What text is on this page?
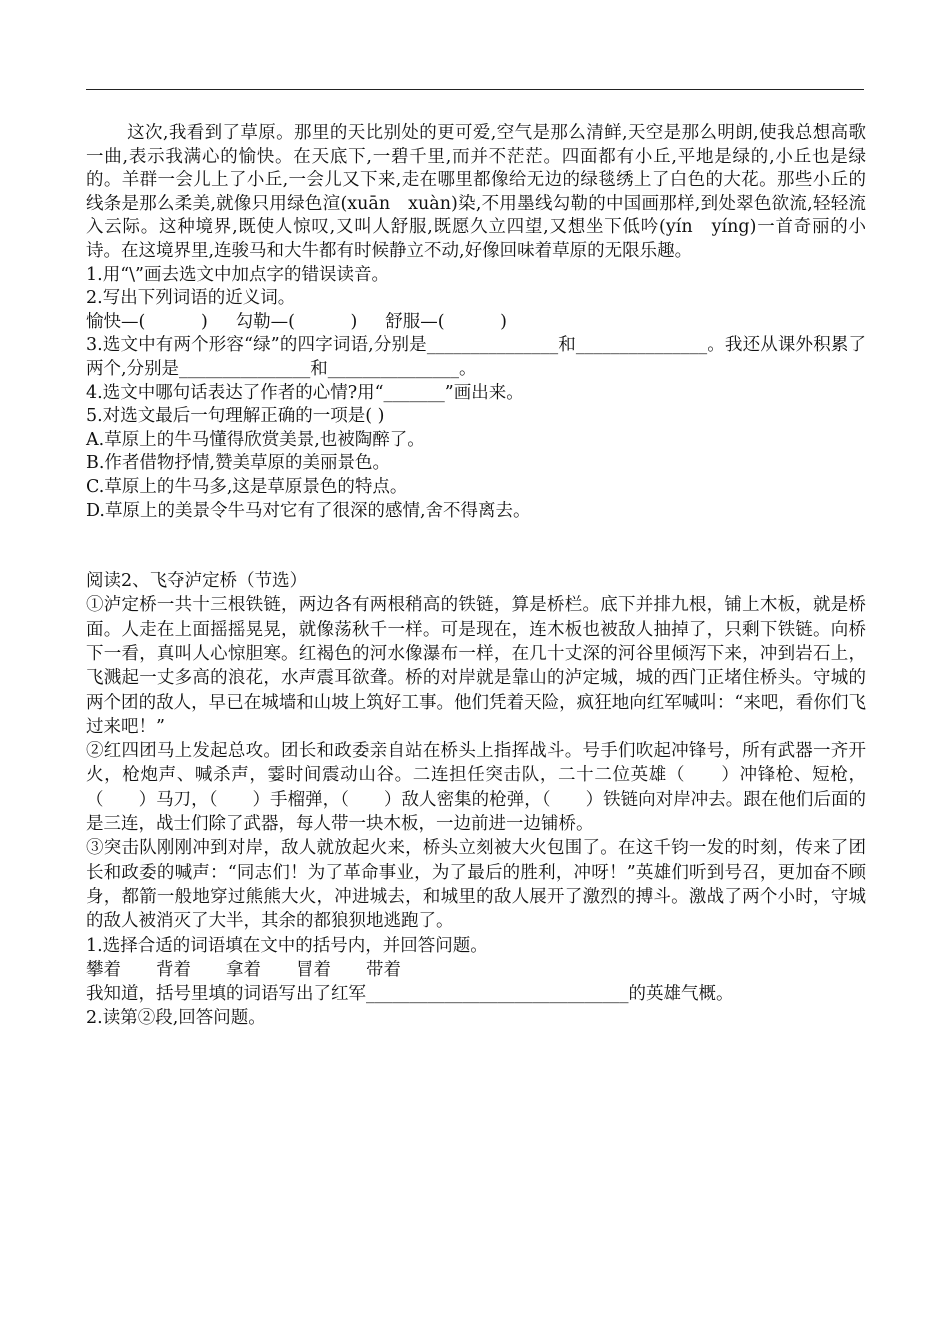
这次,我看到了草原。那里的天比别处的更可爱,空气是那么清鲜,天空是那么明朗,使我总想高歌一曲,表示我满心的愉快。在天底下,一碧千里,而并不茫茫。四面都有小丘,平地是绿的,小丘也是绿的。羊群一会儿上了小丘,一会儿又下来,走在哪里都像给无边的绿毯绣上了白色的大花。那些小丘的线条是那么柔美,就像只用绿色渲(xuān　xuàn)染,不用墨线勾勒的中国画那样,到处翠色欲流,轻轻流入云际。这种境界,既使人惊叹,又叫人舒服,既愿久立四望,又想坐下低吟(yín　yíng)一首奇丽的小诗。在这境界里,连骏马和大牛都有时候静立不动,好像回味着草原的无限乐趣。

1.用“\”画去选文中加点字的错误读音。

2.写出下列词语的近义词。

愉快—(          )     勾勒—(          )     舒服—(          )

3.选文中有两个形容“绿”的四字词语,分别是_______________和_______________。我还从课外积累了两个,分别是_______________和_______________。

4.选文中哪句话表达了作者的心情?用“_______”画出来。

5.对选文最后一句理解正确的一项是( )

A.草原上的牛马懂得欣赏美景,也被陶醉了。

B.作者借物抒情,赞美草原的美丽景色。

C.草原上的牛马多,这是草原景色的特点。

D.草原上的美景令牛马对它有了很深的感情,舍不得离去。

阅读2、飞夺泸定桥（节选）

①泸定桥一共十三根铁链，两边各有两根稍高的铁链，算是桥栏。底下并排九根，铺上木板，就是桥面。人走在上面摇摇晃晃，就像荡秋千一样。可是现在，连木板也被敌人抽掉了，只剩下铁链。向桥下一看，真叫人心惊胆寒。红褐色的河水像瀑布一样，在几十丈深的河谷里倾泻下来，冲到岩石上，飞溅起一丈多高的浪花，水声震耳欲聋。桥的对岸就是靠山的泸定城，城的西门正堵住桥头。守城的两个团的敌人，早已在城墙和山坡上筑好工事。他们凭着天险，疯狂地向红军喊叫：“来吧，看你们飞过来吧！”

②红四团马上发起总攻。团长和政委亲自站在桥头上指挥战斗。号手们吹起冲锋号，所有武器一齐开火，枪炮声、喊杀声，霎时间震动山谷。二连担任突击队，二十二位英雄（　　）冲锋枪、短枪，（　　）马刀，（　　）手榴弹，（　　）敌人密集的枪弹，（　　）铁链向对岸冲去。跟在他们后面的是三连，战士们除了武器，每人带一块木板，一边前进一边铺桥。

③突击队刚刚冲到对岸，敌人就放起火来，桥头立刻被大火包围了。在这千钧一发的时刻，传来了团长和政委的喊声：“同志们！为了革命事业，为了最后的胜利，冲呀！”英雄们听到号召，更加奋不顾身，都箭一般地穿过熊熊大火，冲进城去，和城里的敌人展开了激烈的搏斗。激战了两个小时，守城的敌人被消灭了大半，其余的都狼狈地逃跑了。

1.选择合适的词语填在文中的括号内，并回答问题。

攀着　　背着　　拿着　　冒着　　带着

我知道，括号里填的词语写出了红军______________________________的英雄气概。

2.读第②段,回答问题。
